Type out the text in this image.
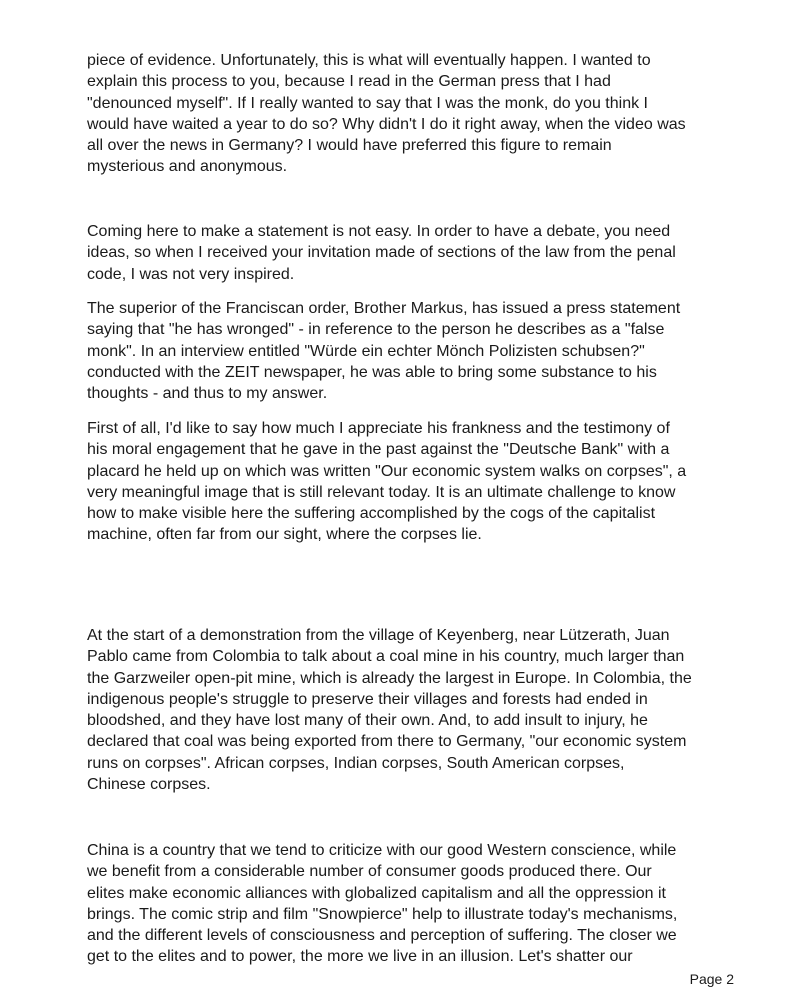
piece of evidence. Unfortunately, this is what will eventually happen. I wanted to
explain this process to you, because I read in the German press that I had
"denounced myself". If I really wanted to say that I was the monk, do you think I
would have waited a year to do so? Why didn't I do it right away, when the video was
all over the news in Germany? I would have preferred this figure to remain
mysterious and anonymous.

Coming here to make a statement is not easy. In order to have a debate, you need
ideas, so when I received your invitation made of sections of the law from the penal
code, I was not very inspired.

The superior of the Franciscan order, Brother Markus, has issued a press statement
saying that "he has wronged" - in reference to the person he describes as a "false
monk". In an interview entitled "Würde ein echter Mönch Polizisten schubsen?"
conducted with the ZEIT newspaper, he was able to bring some substance to his
thoughts - and thus to my answer.

First of all, I'd like to say how much I appreciate his frankness and the testimony of
his moral engagement that he gave in the past against the "Deutsche Bank" with a
placard he held up on which was written "Our economic system walks on corpses", a
very meaningful image that is still relevant today. It is an ultimate challenge to know
how to make visible here the suffering accomplished by the cogs of the capitalist
machine, often far from our sight, where the corpses lie.

At the start of a demonstration from the village of Keyenberg, near Lützerath, Juan
Pablo came from Colombia to talk about a coal mine in his country, much larger than
the Garzweiler open-pit mine, which is already the largest in Europe. In Colombia, the
indigenous people's struggle to preserve their villages and forests had ended in
bloodshed, and they have lost many of their own. And, to add insult to injury, he
declared that coal was being exported from there to Germany, "our economic system
runs on corpses". African corpses, Indian corpses, South American corpses,
Chinese corpses.

China is a country that we tend to criticize with our good Western conscience, while
we benefit from a considerable number of consumer goods produced there. Our
elites make economic alliances with globalized capitalism and all the oppression it
brings. The comic strip and film "Snowpierce" help to illustrate today's mechanisms,
and the different levels of consciousness and perception of suffering. The closer we
get to the elites and to power, the more we live in an illusion. Let's shatter our

Page 2
